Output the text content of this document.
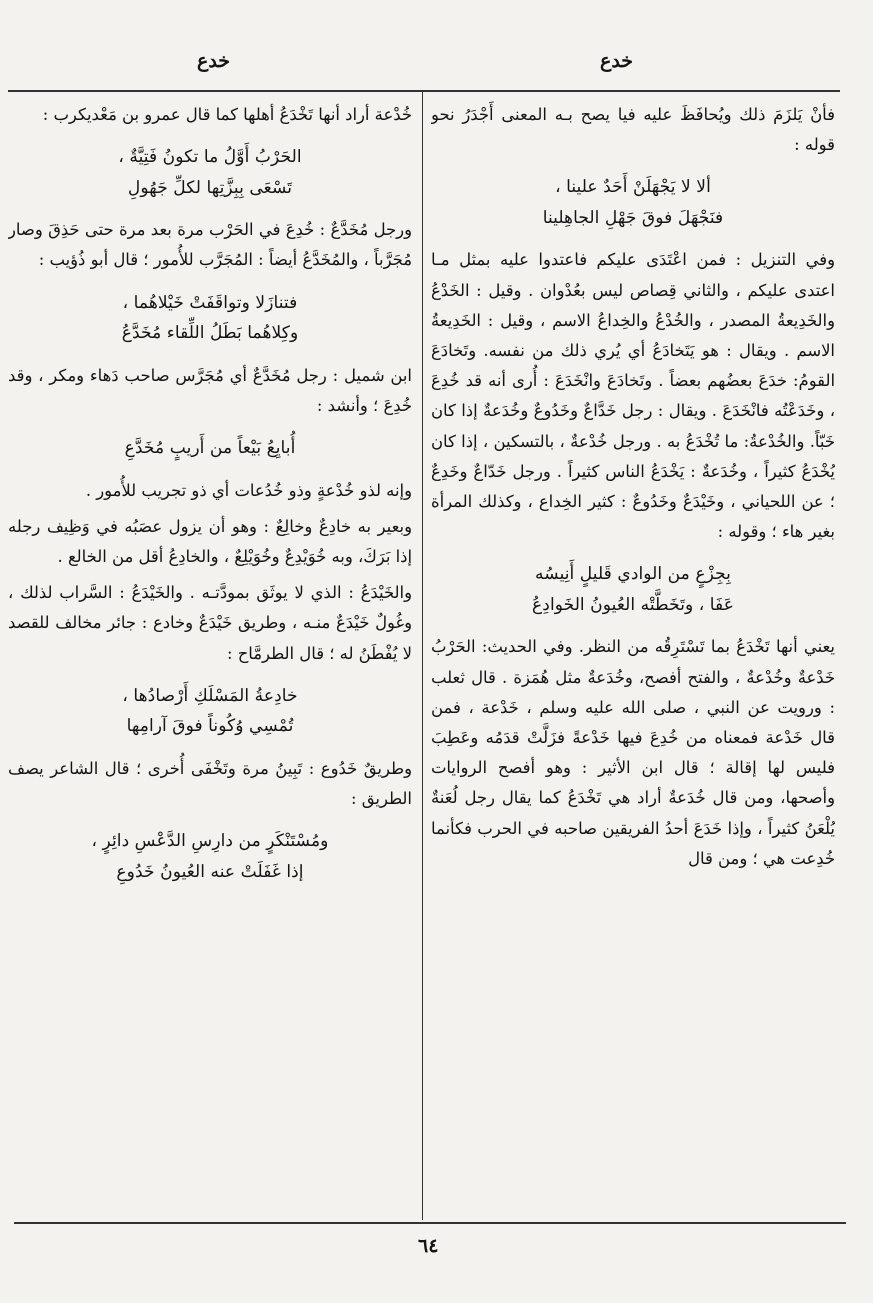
خدع
خدع

فأنْ يَلزَمَ ذلك ويُحافَظَ عليه فيا يصح بـه المعنى أَجْدَرُ نحو قوله :

ألا لا يَجْهَلَنْ أَحَدٌ علينا ،
فنَجْهَلَ فوقَ جَهْلِ الجاهِلينا

وفي التنزيل : فمن اعْتَدَى عليكم فاعتدوا عليه بمثل مـا اعتدى عليكم ، والثاني قِصاص ليس بعُدْوان . وقيل : الخَدْعُ والخَدِيعةُ المصدر ، والخُدْعُ والخِداعُ الاسم ، وقيل : الخَدِيعةُ الاسم . ويقال : هو يَتَخادَعُ أي يُري ذلك من نفسه. وتَخادَعَ القومُ: خدَعَ بعضُهم بعضاً . وتَخادَعَ وانْخَدَعَ : أُرى أنه قد خُدِعَ ، وخَدَعْتُه فانْخَدَعَ . ويقال : رجل خَدَّاعٌ وخَدُوعٌ وخُدَعةٌ إذا كان خَبّاً. والخُدْعةُ: ما تُخْدَعُ به . ورجل خُدْعةٌ ، بالتسكين ، إذا كان يُخْدَعُ كثيراً ، وخُدَعةٌ : يَخْدَعُ الناس كثيراً . ورجل خَدّاعٌ وخَدِعٌ ؛ عن اللحياني ، وخَيْدَعٌ وخَدُوعٌ : كثير الخِداع ، وكذلك المرأة بغير هاء ؛ وقوله :

بِجِزْعٍ من الوادي قَليلٍ أَنِيسُه
عَفَا ، وتَخَطَّتْه العُيونُ الخَوادِعُ

يعني أنها تَخْدَعُ بما تَسْتَرِقُه من النظر. وفي الحديث: الحَرْبُ خَدْعةٌ وخُدْعةٌ ، والفتح أفصح، وخُدَعةٌ مثل هُمَزة . قال ثعلب : ورويت عن النبي ، صلى الله عليه وسلم ، خَدْعة ، فمن قال خَدْعة فمعناه من خُدِعَ فيها خَدْعةً فزَلَّتْ قدَمُه وعَطِبَ فليس لها إقالة ؛ قال ابن الأثير : وهو أفصح الروايات وأصحها، ومن قال خُدَعةٌ أراد هي تَخْدَعُ كما يقال رجل لُعَنةٌ يُلْعَنُ كثيراً ، وإذا خَدَعَ أحدُ الفريقين صاحبه في الحرب فكأنما خُدِعت هي ؛ ومن قال

خُدْعة أراد أنها تَخْدَعُ أهلها كما قال عمرو بن مَعْديكرب :

الحَرْبُ أَوَّلُ ما تكونُ فَتِيَّةٌ ،
تَسْعَى بِبِزَّتِها لكلِّ جَهُولِ

ورجل مُخَدَّعٌ : خُدِعَ في الحَرْب مرة بعد مرة حتى حَذِقَ وصار مُجَرَّباً ، والمُخَدَّعُ أيضاً : المُجَرَّب للأُمور ؛ قال أبو ذُؤيب :

فتنازَلا وتواقَفَتْ خَيْلاهُما ،
وكِلاهُما بَطَلُ اللِّقاء مُخَدَّعُ

ابن شميل : رجل مُخَدَّعٌ أي مُجَرَّس صاحب دَهاء ومكر ، وقد خُدِعَ ؛ وأنشد :

أُبايِعُ بَيْعاً من أَريبٍ مُخَدَّعِ

وإنه لذو خُدْعةٍ وذو خُدُعات أي ذو تجريب للأُمور .

وبعير به خادِعٌ وخالِعٌ : وهو أن يزول عصَبُه في وَظِيف رجله إذا بَرَكَ، وبه خُوَيْدِعٌ وخُوَيْلِعٌ ، والخادِعُ أقل من الخالع .

والخَيْدَعُ : الذي لا يوثَق بمودَّتـه . والخَيْدَعُ : السَّراب لذلك ، وغُولٌ خَيْدَعٌ منـه ، وطريق خَيْدَعٌ وخادع : جائر مخالف للقصد لا يُفْطَنُ له ؛ قال الطرمَّاح :

خادِعةُ المَسْلَكِ أَرْصادُها ،
تُمْسِي وُكُوناً فوقَ آرامِها

وطريقٌ خَدُوع : تَبِينُ مرة وتَخْفَى أُخرى ؛ قال الشاعر يصف الطريق :

ومُسْتَنْكَرٍ من دارِسِ الدَّعْسِ دائِرٍ ،
إذا غَفَلَتْ عنه العُيونُ خَدُوعِ
٦٤
